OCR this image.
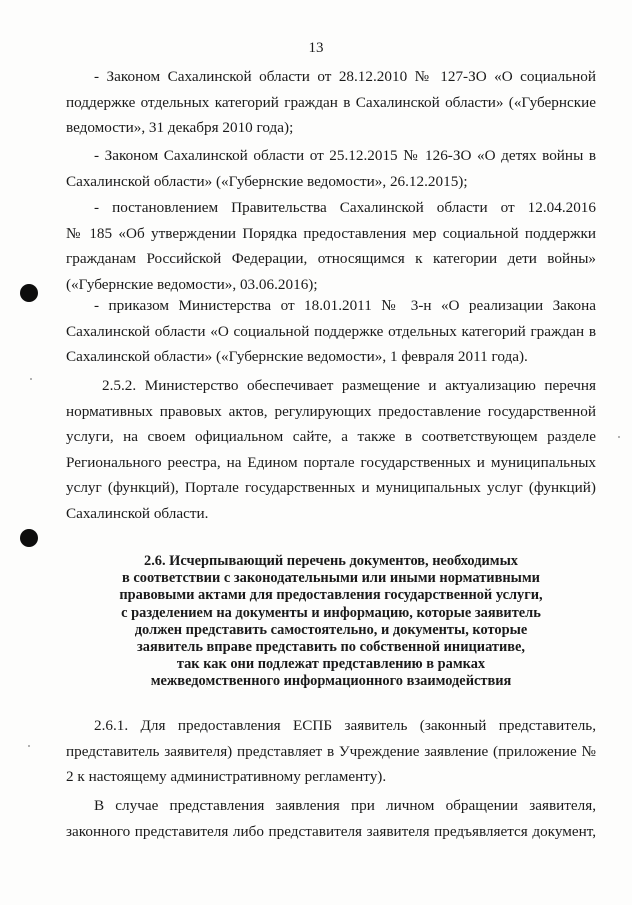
13
- Законом Сахалинской области от 28.12.2010 № 127-ЗО «О социальной
поддержке отдельных категорий граждан в Сахалинской области» («Губернские
ведомости», 31 декабря 2010 года);
- Законом Сахалинской области от 25.12.2015 № 126-ЗО «О детях войны в
Сахалинской области» («Губернские ведомости», 26.12.2015);
- постановлением Правительства Сахалинской области от 12.04.2016
№ 185 «Об утверждении Порядка предоставления мер социальной поддержки
гражданам Российской Федерации, относящимся к категории дети войны»
(«Губернские ведомости», 03.06.2016);
- приказом Министерства от 18.01.2011 № 3-н «О реализации Закона
Сахалинской области «О социальной поддержке отдельных категорий граждан в
Сахалинской области» («Губернские ведомости», 1 февраля 2011 года).
2.5.2. Министерство обеспечивает размещение и актуализацию перечня
нормативных правовых актов, регулирующих предоставление государственной
услуги, на своем официальном сайте, а также в соответствующем разделе
Регионального реестра, на Едином портале государственных и муниципальных
услуг (функций), Портале государственных и муниципальных услуг (функций)
Сахалинской области.
2.6. Исчерпывающий перечень документов, необходимых
в соответствии с законодательными или иными нормативными
правовыми актами для предоставления государственной услуги,
с разделением на документы и информацию, которые заявитель
должен представить самостоятельно, и документы, которые
заявитель вправе представить по собственной инициативе,
так как они подлежат представлению в рамках
межведомственного информационного взаимодействия
2.6.1. Для предоставления ЕСПБ заявитель (законный представитель,
представитель заявителя) представляет в Учреждение заявление (приложение №
2 к настоящему административному регламенту).
В случае представления заявления при личном обращении заявителя,
законного представителя либо представителя заявителя предъявляется документ,
